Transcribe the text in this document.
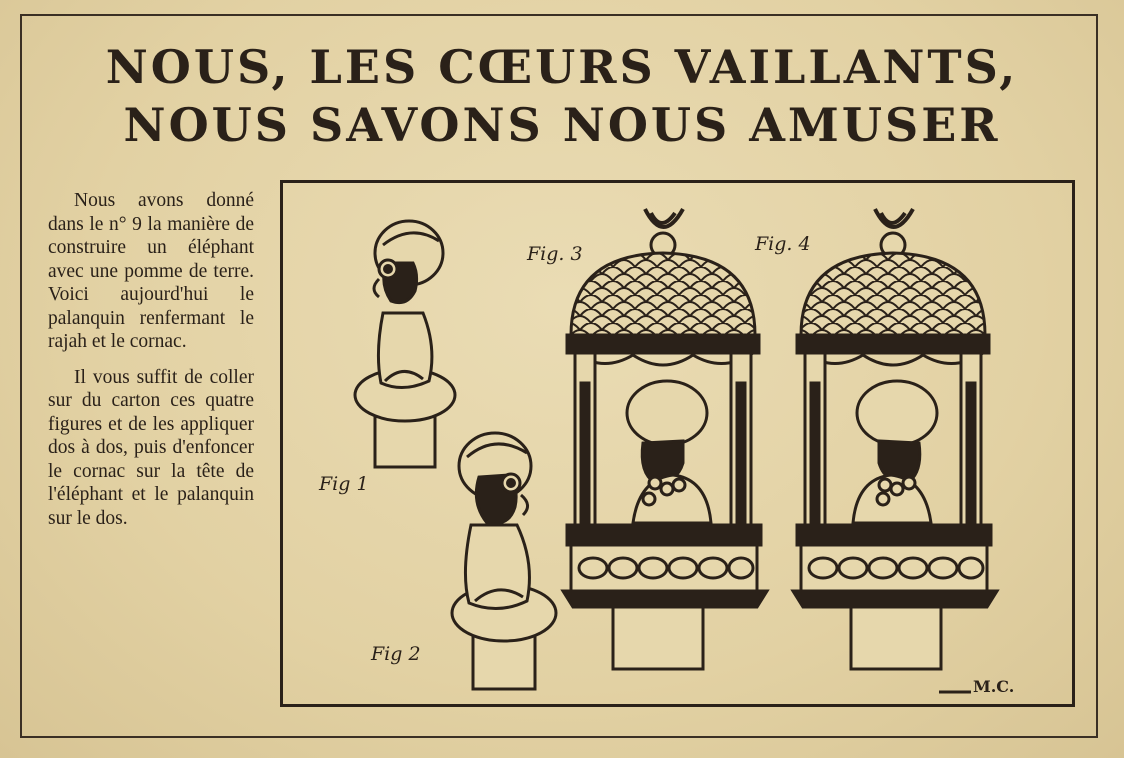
NOUS, LES CŒURS VAILLANTS,
NOUS SAVONS NOUS AMUSER

Nous avons donné dans le n° 9 la manière de construire un éléphant avec une pomme de terre. Voici aujourd'hui le palanquin renfermant le rajah et le cornac.

Il vous suffit de coller sur du carton ces quatre figures et de les appliquer dos à dos, puis d'enfoncer le cornac sur la tête de l'éléphant et le palanquin sur le dos.

Fig 1
Fig 2
Fig. 3	Fig. 4
M.C.
